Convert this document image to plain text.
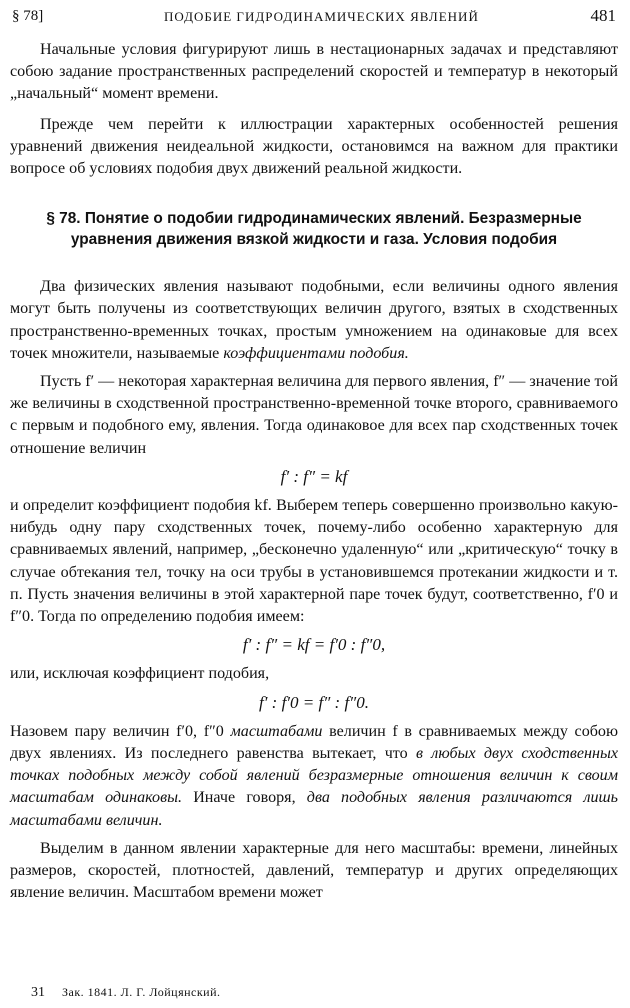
§ 78]	ПОДОБИЕ ГИДРОДИНАМИЧЕСКИХ ЯВЛЕНИЙ	481

Начальные условия фигурируют лишь в нестационарных задачах и представляют собою задание пространственных распределений скоростей и температур в некоторый „начальный“ момент времени.

Прежде чем перейти к иллюстрации характерных особенностей решения уравнений движения неидеальной жидкости, остановимся на важном для практики вопросе об условиях подобия двух движений реальной жидкости.

§ 78. Понятие о подобии гидродинамических явлений. Безразмерные уравнения движения вязкой жидкости и газа. Условия подобия

Два физических явления называют подобными, если величины одного явления могут быть получены из соответствующих величин другого, взятых в сходственных пространственно-временных точках, простым умножением на одинаковые для всех точек множители, называемые коэффициентами подобия.

Пусть f′ — некоторая характерная величина для первого явления, f″ — значение той же величины в сходственной пространственно-временной точке второго, сравниваемого с первым и подобного ему, явления. Тогда одинаковое для всех пар сходственных точек отношение величин

f′ : f″ = kf

и определит коэффициент подобия kf. Выберем теперь совершенно произвольно какую-нибудь одну пару сходственных точек, почему-либо особенно характерную для сравниваемых явлений, например, „бесконечно удаленную“ или „критическую“ точку в случае обтекания тел, точку на оси трубы в установившемся протекании жидкости и т. п. Пусть значения величины в этой характерной паре точек будут, соответственно, f′0 и f″0. Тогда по определению подобия имеем:

f′ : f″ = kf = f′0 : f″0,

или, исключая коэффициент подобия,

f′ : f′0 = f″ : f″0.

Назовем пару величин f′0, f″0 масштабами величин f в сравниваемых между собою двух явлениях. Из последнего равенства вытекает, что в любых двух сходственных точках подобных между собой явлений безразмерные отношения величин к своим масштабам одинаковы. Иначе говоря, два подобных явления различаются лишь масштабами величин.

Выделим в данном явлении характерные для него масштабы: времени, линейных размеров, скоростей, плотностей, давлений, температур и других определяющих явление величин. Масштабом времени может

31 Зак. 1841. Л. Г. Лойцянский.
